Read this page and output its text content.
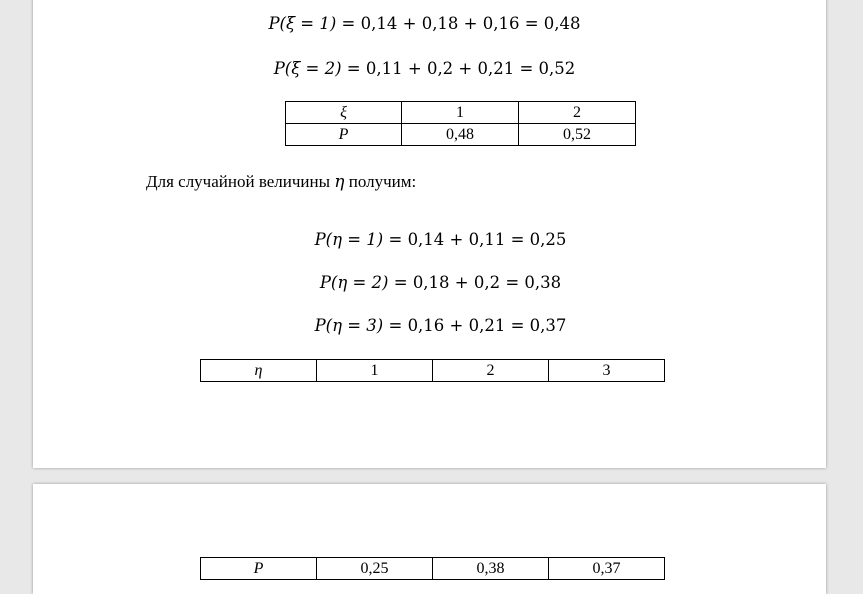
P(ξ = 1) = 0,14 + 0,18 + 0,16 = 0,48
P(ξ = 2) = 0,11 + 0,2 + 0,21 = 0,52
ξ	1	2
P	0,48	0,52
Для случайной величины η получим:
P(η = 1) = 0,14 + 0,11 = 0,25
P(η = 2) = 0,18 + 0,2 = 0,38
P(η = 3) = 0,16 + 0,21 = 0,37
η	1	2	3
P	0,25	0,38	0,37
